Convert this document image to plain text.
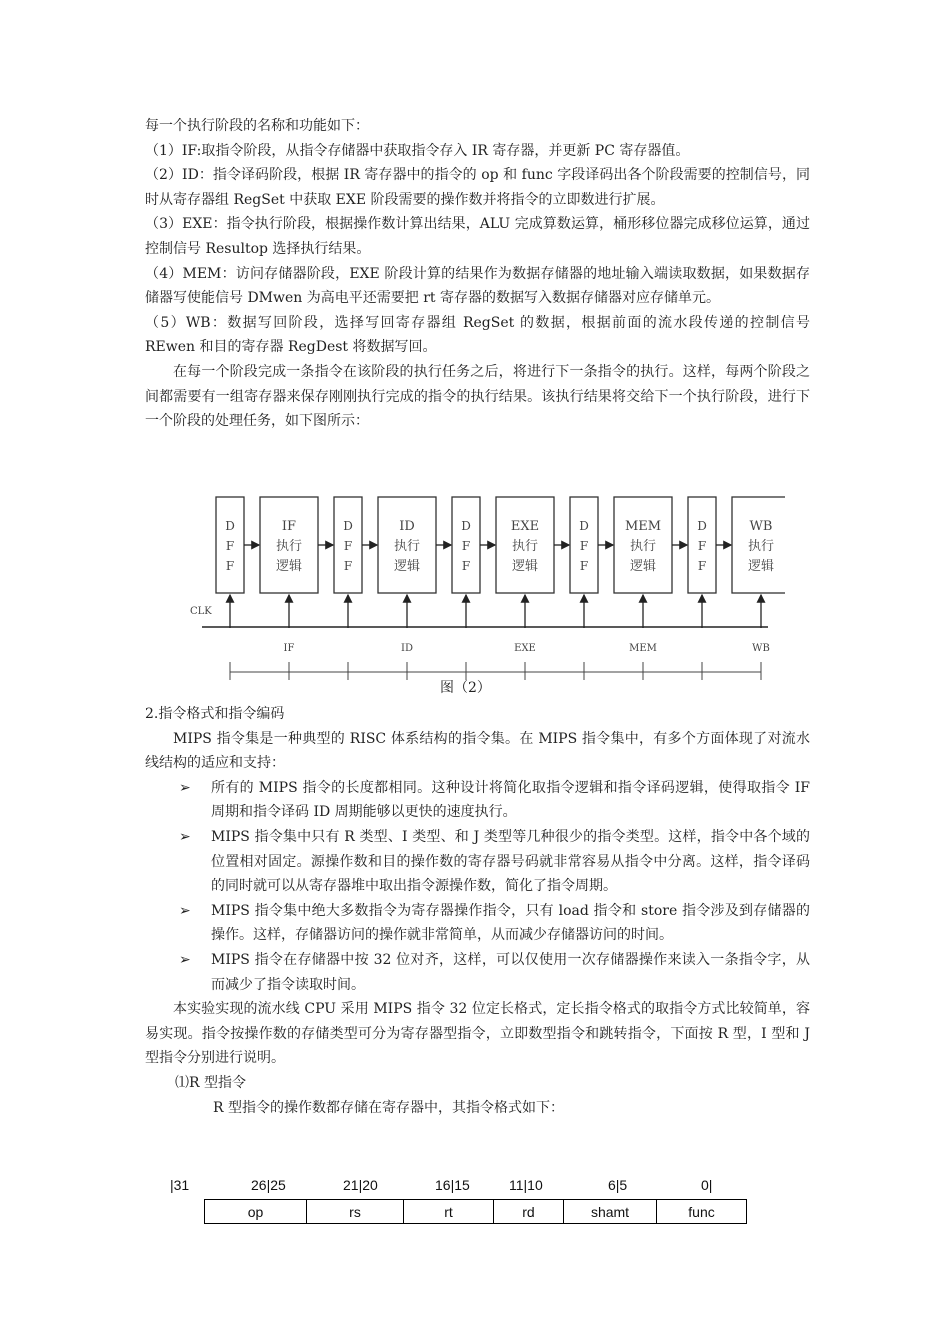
每一个执行阶段的名称和功能如下：

（1）IF:取指令阶段，从指令存储器中获取指令存入 IR 寄存器，并更新 PC 寄存器值。

（2）ID：指令译码阶段，根据 IR 寄存器中的指令的 op 和 func 字段译码出各个阶段需要的控制信号，同时从寄存器组 RegSet 中获取 EXE 阶段需要的操作数并将指令的立即数进行扩展。

（3）EXE：指令执行阶段，根据操作数计算出结果，ALU 完成算数运算，桶形移位器完成移位运算，通过控制信号 Resultop 选择执行结果。

（4）MEM：访问存储器阶段，EXE 阶段计算的结果作为数据存储器的地址输入端读取数据，如果数据存储器写使能信号 DMwen 为高电平还需要把 rt 寄存器的数据写入数据存储器对应存储单元。

（5）WB：数据写回阶段，选择写回寄存器组 RegSet 的数据，根据前面的流水段传递的控制信号 REwen 和目的寄存器 RegDest 将数据写回。

在每一个阶段完成一条指令在该阶段的执行任务之后，将进行下一条指令的执行。这样，每两个阶段之间都需要有一组寄存器来保存刚刚执行完成的指令的执行结果。该执行结果将交给下一个执行阶段，进行下一个阶段的处理任务，如下图所示：

D
F
F
IF
执行
逻辑
D
F
F
ID
执行
逻辑
D
F
F
EXE
执行
逻辑
D
F
F
MEM
执行
逻辑
D
F
F
WB
执行
逻辑
CLK
IF	ID	EXE	MEM	WB
图（2）

2.指令格式和指令编码

MIPS 指令集是一种典型的 RISC 体系结构的指令集。在 MIPS 指令集中，有多个方面体现了对流水线结构的适应和支持：

➢ 所有的 MIPS 指令的长度都相同。这种设计将简化取指令逻辑和指令译码逻辑，使得取指令 IF 周期和指令译码 ID 周期能够以更快的速度执行。
➢ MIPS 指令集中只有 R 类型、I 类型、和 J 类型等几种很少的指令类型。这样，指令中各个域的位置相对固定。源操作数和目的操作数的寄存器号码就非常容易从指令中分离。这样，指令译码的同时就可以从寄存器堆中取出指令源操作数，简化了指令周期。
➢ MIPS 指令集中绝大多数指令为寄存器操作指令，只有 load 指令和 store 指令涉及到存储器的操作。这样，存储器访问的操作就非常简单，从而减少存储器访问的时间。
➢ MIPS 指令在存储器中按 32 位对齐，这样，可以仅使用一次存储器操作来读入一条指令字，从而减少了指令读取时间。

本实验实现的流水线 CPU 采用 MIPS 指令 32 位定长格式，定长指令格式的取指令方式比较简单，容易实现。指令按操作数的存储类型可分为寄存器型指令，立即数型指令和跳转指令，下面按 R 型，I 型和 J 型指令分别进行说明。

⑴R 型指令

R 型指令的操作数都存储在寄存器中，其指令格式如下：

|31	26|25	21|20	16|15	11|10	6|5	0|
op	rs	rt	rd	shamt	func
